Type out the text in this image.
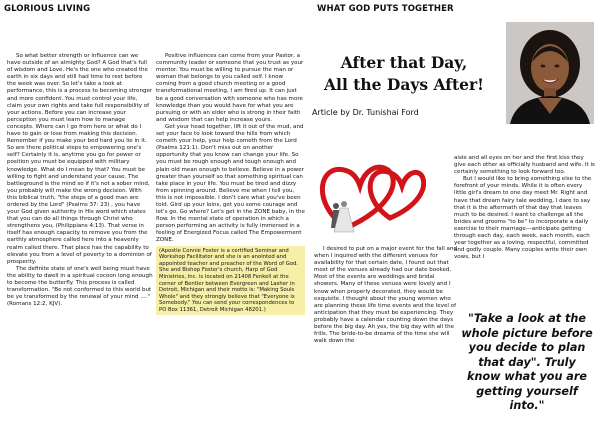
GLORIOUS LIVING	WHAT GOD PUTS TOGETHER

So what better strength or influence can we have outside of an almighty God? A God that's full of wisdom and Love. He's the one who created the earth in six days and still had time to rest before the week was over. So let's take a look at performance, this is a process to becoming stronger and more confident. You must control your life, claim your own rights and take full responsibility of your actions. Before you can increase your perception you must learn how to manage concepts. Where can I go from here or what do I have to gain or lose from making this decision. Remember if you make your bed hard you lie in it. So are there political steps to empowering one's self? Certainly it is, anytime you go for power or position you must be equipped with military knowledge. What do I mean by that? You must be willing to fight and understand your cause. The battleground is the mind so if it's not a sober mind, you probably will make the wrong decision. With this biblical truth, "the steps of a good man are ordered by the Lord" (Psalms 37: 23) , you have your God given authority in His word which states that you can do all things through Christ who strengthens you, (Philippians 4:13). That verse in itself has enough capacity to remove you from the earthly atmosphere called here into a heavenly realm called there. That place has the capability to elevate you from a level of poverty to a dominion of prosperity.

The definite state of one's well being must have the ability to dwell in a spiritual cocoon long enough to become the butterfly. This process is called transformation. "Be not conformed to this world but be ye transformed by the renewal of your mind ...." (Romans 12:2, KJV).

Positive influences can come from your Pastor, a community leader or someone that you trust as your mentor. You must be willing to pursue the man or woman that belongs to you called self. I know coming from a good church meeting or a good transformational meeting, I am fired up. It can just be a good conversation with someone who has more knowledge than you would have for what you are pursuing or with an elder who is strong in their faith and wisdom that can help increase yours.

Get your head together, lift it out of the mud, and set your face to look toward the hills from which cometh your help, your help cometh from the Lord (Psalms 121:1). Don't miss out on another opportunity that you know can change your life. So you must be rough enough and tough enough and plain old mean enough to believe. Believe in a power greater than yourself so that something spiritual can take place in your life. You must be tired and dizzy from spinning around. Believe me when I tell you, this is not impossible. I don't care what you've been told. Gird up your loins, get you some courage and let's go. Go where? Let's get in the ZONE baby, in the flow. In the mental state of operation in which a person performing an activity is fully immersed in a feeling of Energized Focus called The Empowerment ZONE.

(Apostle Connie Foster is a certified Seminar and Workshop Facilitator and she is an anointed and appointed teacher and preacher of the Word of God. She and Bishop Foster's church, Harp of God Ministries, Inc. is located on 21408 Fenkell at the corner of Bentler between Evergreen and Lasher in Detroit, Michigan and their motto is: "Making Souls Whole" and they strongly believe that "Everyone is Somebody." You can send your correspondences to PO Box 11361, Detroit Michigan 48201.)
After that Day,
All the Days After!
Article by Dr. Tunishai Ford

I desired to put on a major event for the fall and when I inquired with the different venues for availability for that certain date, I found out that most of the venues already had our date booked. Most of the events are weddings and bridal showers. Many of these venues were lovely and I know when properly decorated, they would be exquisite. I thought about the young women who are planning these life time events and the level of anticipation that they must be experiencing. They probably have a calendar counting down the days before the big day. Ah yes, the big day with all the frills. The bride-to-be dreams of the time she will walk down the

aisle and all eyes on her and the first kiss they give each other as officially husband and wife. It is certainly something to look forward too.

But I would like to bring something else to the forefront of your minds. While it is often every little girl's dream to one day meet Mr. Right and have that dream fairy tale wedding, I dare to say that it is the aftermath of that day that leaves much to be desired. I want to challenge all the brides and grooms "to be" to incorporate a daily exercise to their marriage---anticipate getting through each day, each week, each month, each year together as a loving, respectful, committed and godly couple. Many couples write their own vows, but I

"Take a look at the whole picture before you decide to plan that day". Truly know what you are getting yourself into."
